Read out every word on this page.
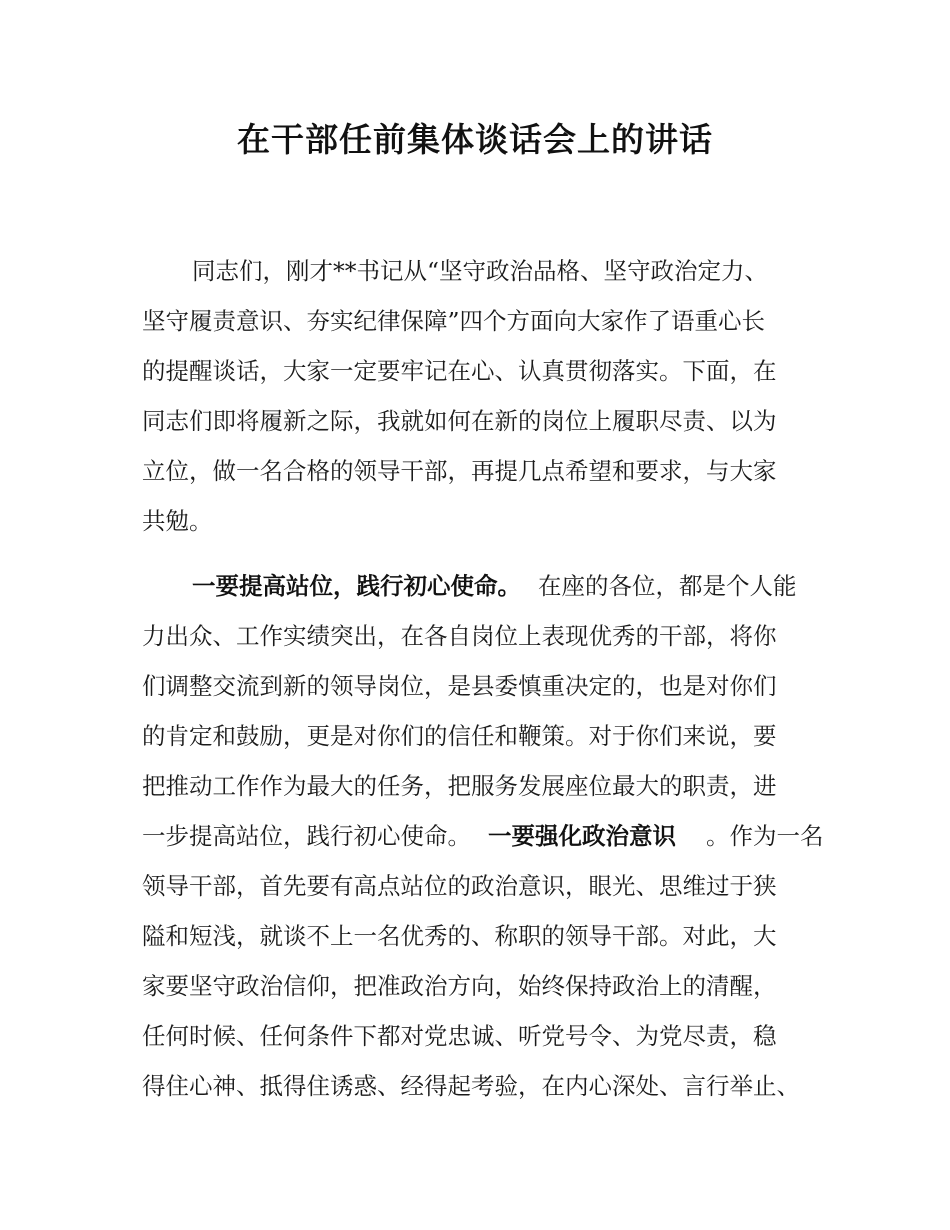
在干部任前集体谈话会上的讲话
同志们，刚才**书记从“坚守政治品格、坚守政治定力、
坚守履责意识、夯实纪律保障”四个方面向大家作了语重心长
的提醒谈话，大家一定要牢记在心、认真贯彻落实。下面，在
同志们即将履新之际，我就如何在新的岗位上履职尽责、以为
立位，做一名合格的领导干部，再提几点希望和要求，与大家
共勉。
一要提高站位，践行初心使命。 在座的各位，都是个人能
力出众、工作实绩突出，在各自岗位上表现优秀的干部，将你
们调整交流到新的领导岗位，是县委慎重决定的，也是对你们
的肯定和鼓励，更是对你们的信任和鞭策。对于你们来说，要
把推动工作作为最大的任务，把服务发展座位最大的职责，进
一步提高站位，践行初心使命。 一要强化政治意识 。作为一名
领导干部，首先要有高点站位的政治意识，眼光、思维过于狭
隘和短浅，就谈不上一名优秀的、称职的领导干部。对此，大
家要坚守政治信仰，把准政治方向，始终保持政治上的清醒，
任何时候、任何条件下都对党忠诚、听党号令、为党尽责，稳
得住心神、抵得住诱惑、经得起考验，在内心深处、言行举止、
